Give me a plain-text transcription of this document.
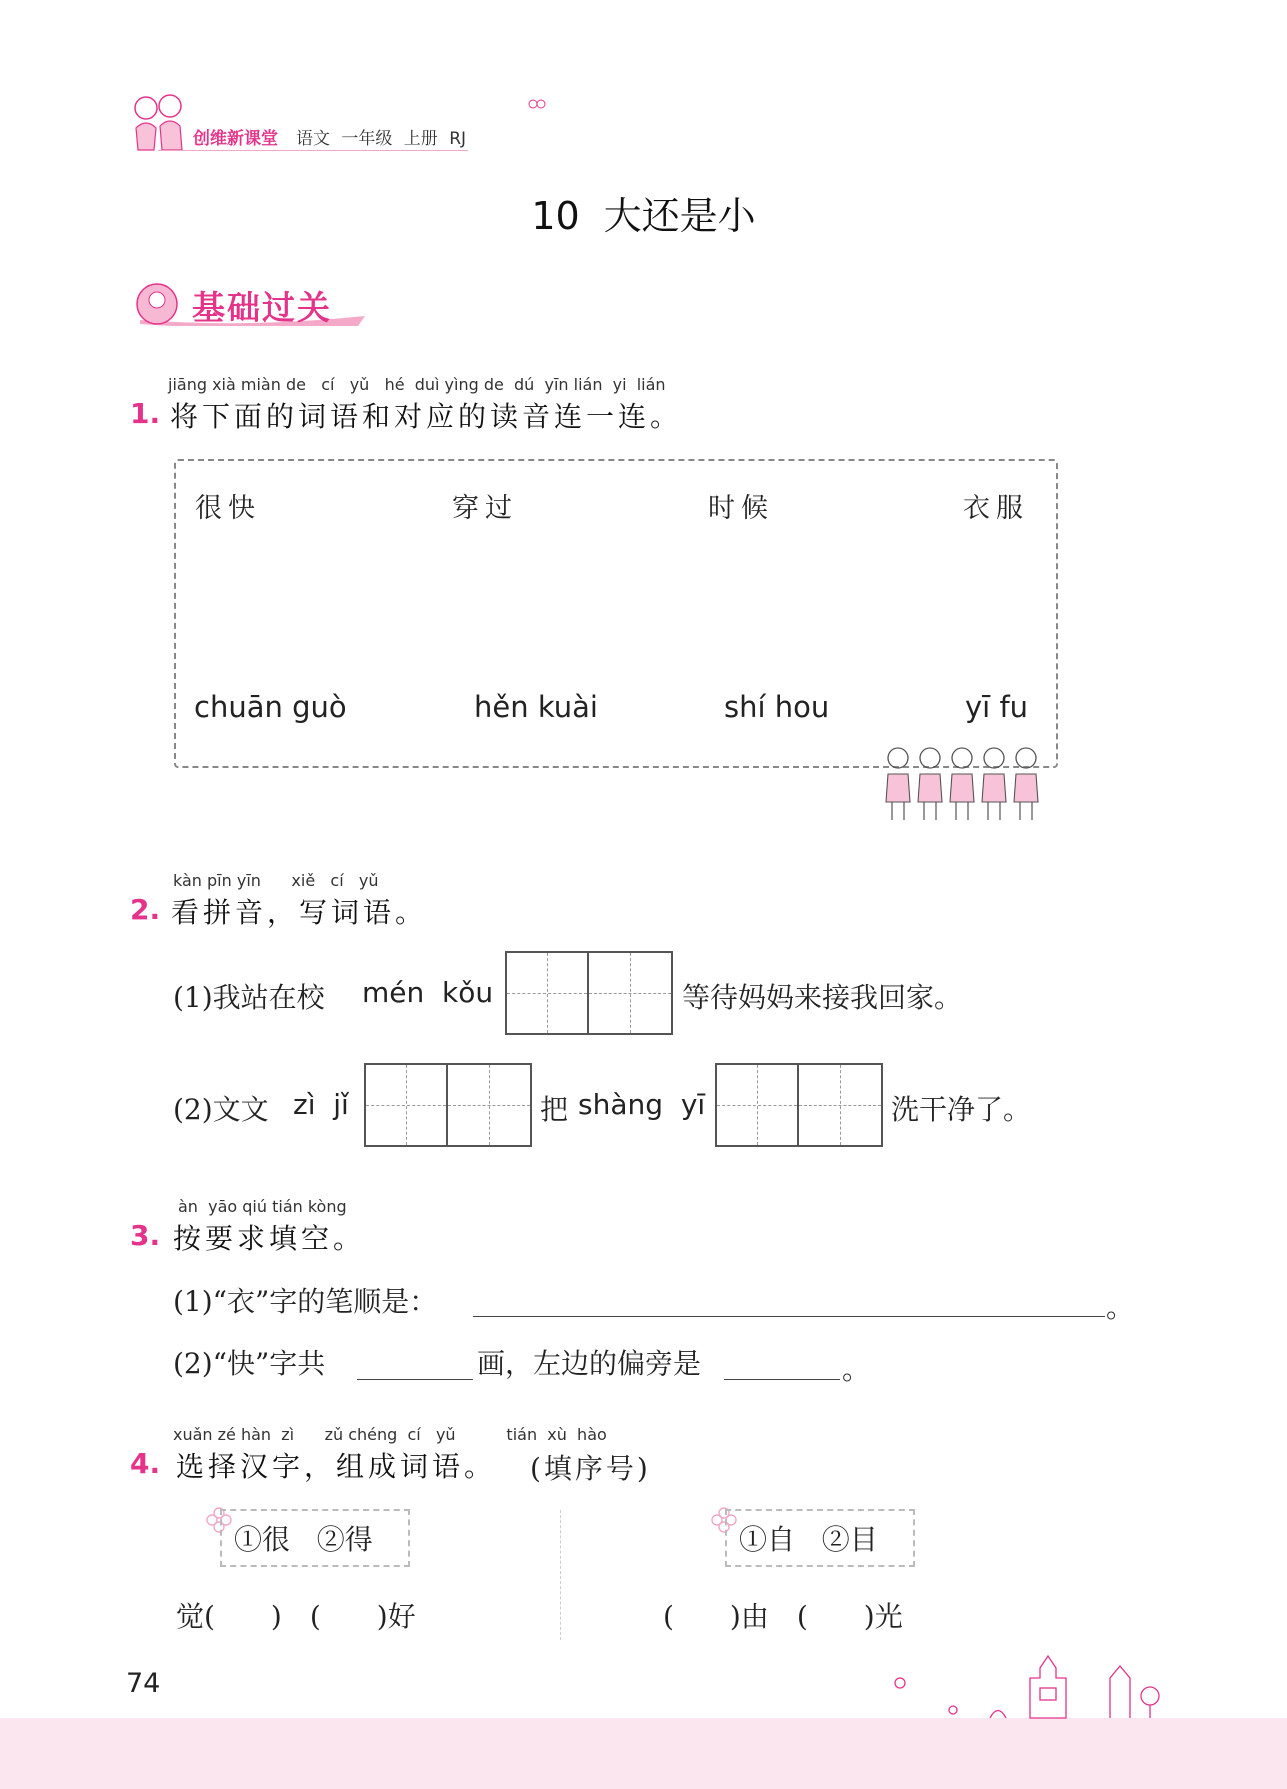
创维新课堂 语文 一年级 上册 RJ
10 大还是小
基础过关
jiāng xià miàn de   cí   yǔ   hé  duì yìng de  dú  yīn lián  yi  lián
1. 将下面的词语和对应的读音连一连。
很快	穿过	时候	衣服
chuān guò	hěn kuài	shí hou	yī fu
kàn pīn yīn      xiě   cí   yǔ
2. 看拼音，写词语。
(1)我站在校 mén  kǒu	等待妈妈来接我回家。
(2)文文 zì  jǐ	把 shàng  yī	洗干净了。
àn  yāo qiú tián kòng
3. 按要求填空。
(1)“衣”字的笔顺是：	。
(2)“快”字共	画，左边的偏旁是	。
xuǎn zé hàn  zì      zǔ chéng  cí   yǔ          tián  xù  hào
4. 选择汉字，组成词语。 (填序号)
①很   ②得
觉(　　)　(　　)好
①自   ②目
(　　)由　(　　)光
74
